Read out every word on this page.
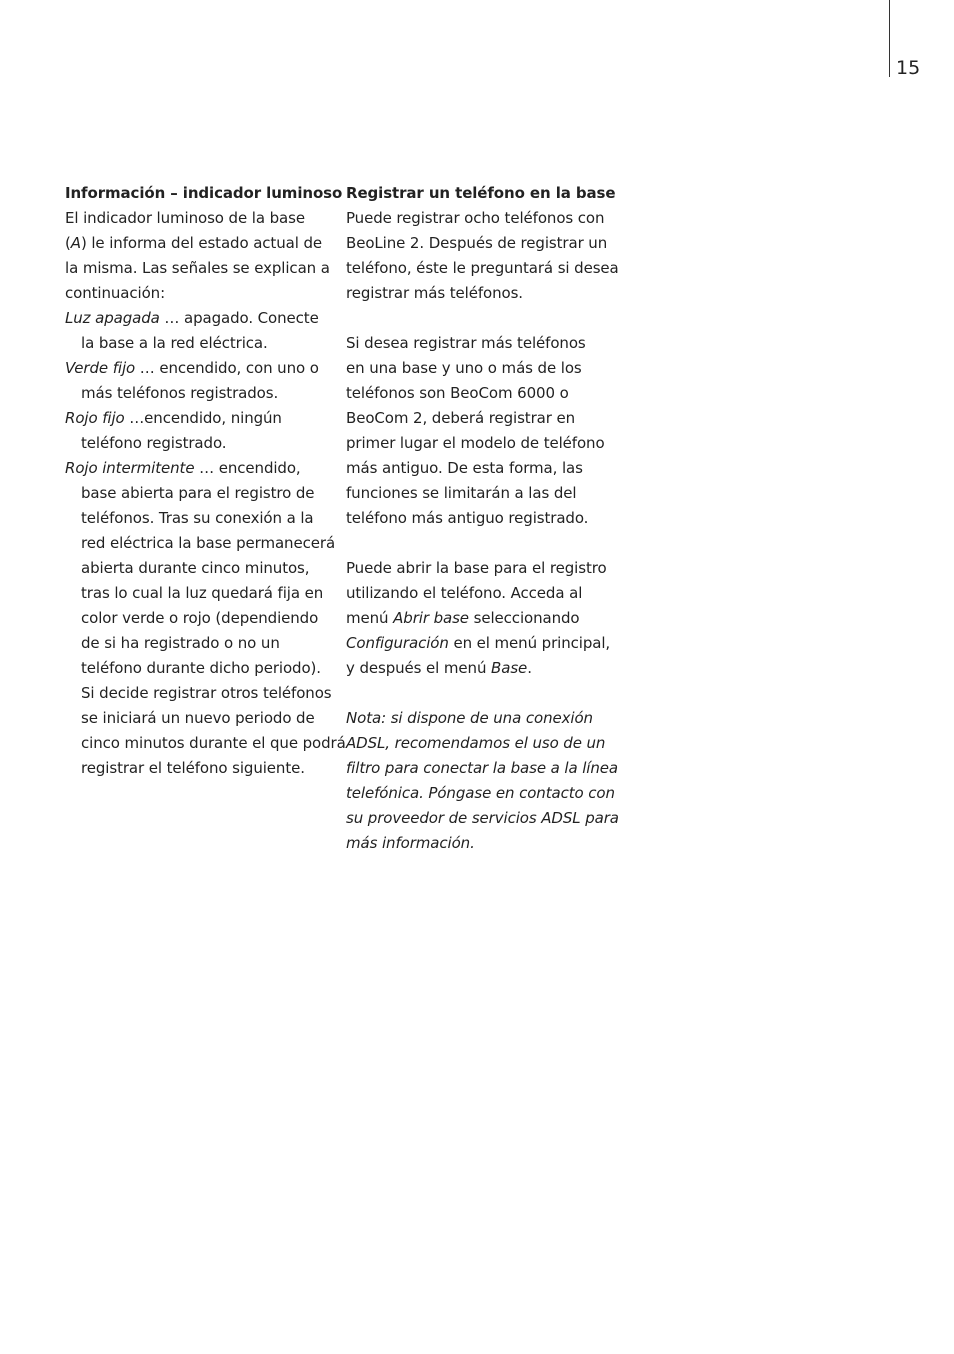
15
Información – indicador luminoso
El indicador luminoso de la base
(A) le informa del estado actual de
la misma. Las señales se explican a
continuación:
Luz apagada … apagado. Conecte
la base a la red eléctrica.
Verde fijo … encendido, con uno o
más teléfonos registrados.
Rojo fijo …encendido, ningún
teléfono registrado.
Rojo intermitente … encendido,
base abierta para el registro de
teléfonos. Tras su conexión a la
red eléctrica la base permanecerá
abierta durante cinco minutos,
tras lo cual la luz quedará fija en
color verde o rojo (dependiendo
de si ha registrado o no un
teléfono durante dicho periodo).
Si decide registrar otros teléfonos
se iniciará un nuevo periodo de
cinco minutos durante el que podrá
registrar el teléfono siguiente.
Registrar un teléfono en la base
Puede registrar ocho teléfonos con
BeoLine 2. Después de registrar un
teléfono, éste le preguntará si desea
registrar más teléfonos.
Si desea registrar más teléfonos
en una base y uno o más de los
teléfonos son BeoCom 6000 o
BeoCom 2, deberá registrar en
primer lugar el modelo de teléfono
más antiguo. De esta forma, las
funciones se limitarán a las del
teléfono más antiguo registrado.
Puede abrir la base para el registro
utilizando el teléfono. Acceda al
menú Abrir base seleccionando
Configuración en el menú principal,
y después el menú Base.
Nota: si dispone de una conexión
ADSL, recomendamos el uso de un
filtro para conectar la base a la línea
telefónica. Póngase en contacto con
su proveedor de servicios ADSL para
más información.
